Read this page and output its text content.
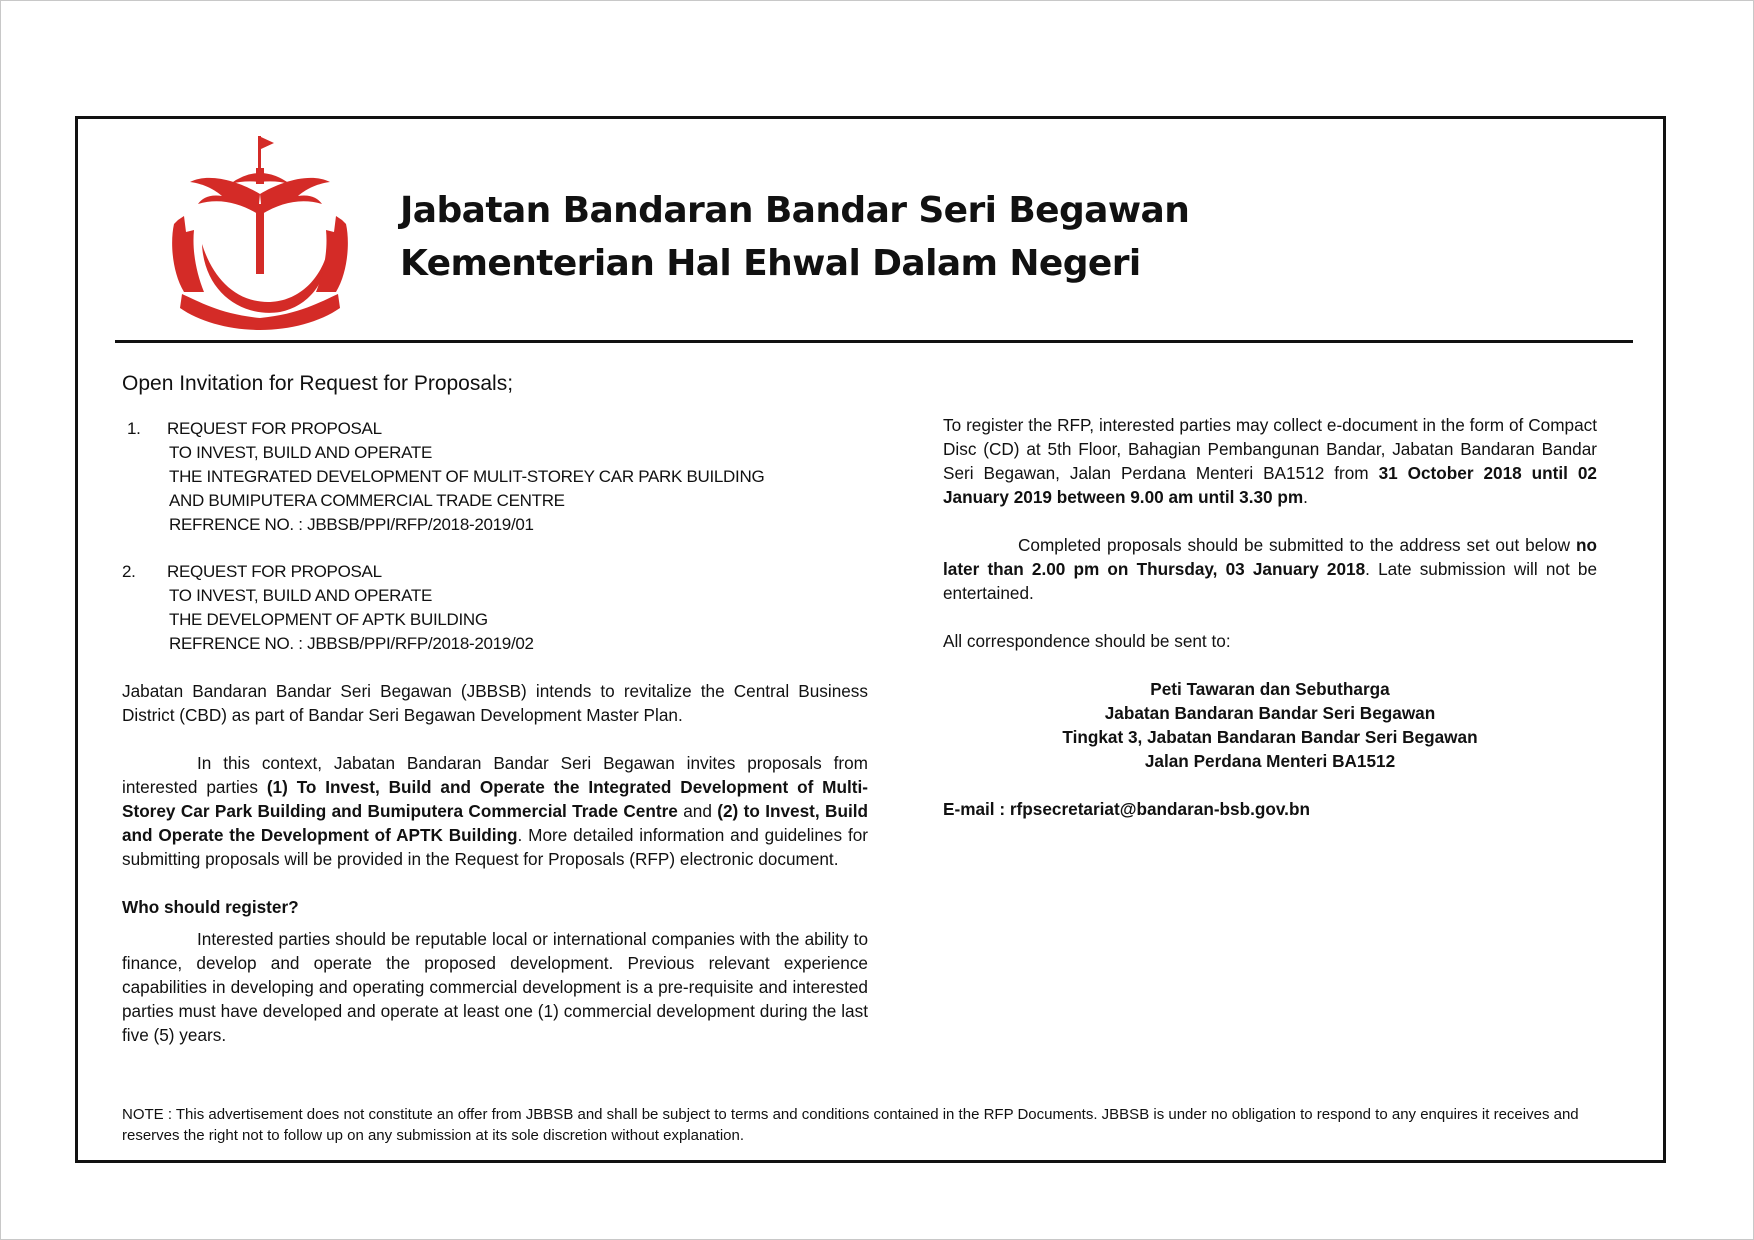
Jabatan Bandaran Bandar Seri Begawan
Kementerian Hal Ehwal Dalam Negeri
Open Invitation for Request for Proposals;
1.	REQUEST FOR PROPOSAL
TO INVEST, BUILD AND OPERATE
THE INTEGRATED DEVELOPMENT OF MULIT-STOREY CAR PARK BUILDING
AND BUMIPUTERA COMMERCIAL TRADE CENTRE
REFRENCE NO. : JBBSB/PPI/RFP/2018-2019/01
2.	REQUEST FOR PROPOSAL
TO INVEST, BUILD AND OPERATE
THE DEVELOPMENT OF APTK BUILDING
REFRENCE NO. : JBBSB/PPI/RFP/2018-2019/02

Jabatan Bandaran Bandar Seri Begawan (JBBSB) intends to revitalize the Central Business District (CBD) as part of Bandar Seri Begawan Development Master Plan.

In this context, Jabatan Bandaran Bandar Seri Begawan invites proposals from interested parties (1) To Invest, Build and Operate the Integrated Development of Multi-Storey Car Park Building and Bumiputera Commercial Trade Centre and (2) to Invest, Build and Operate the Development of APTK Building. More detailed information and guidelines for submitting proposals will be provided in the Request for Proposals (RFP) electronic document.

Who should register?

Interested parties should be reputable local or international companies with the ability to finance, develop and operate the proposed development. Previous relevant experience capabilities in developing and operating commercial development is a pre-requisite and interested parties must have developed and operate at least one (1) commercial development during the last five (5) years.

To register the RFP, interested parties may collect e-document in the form of Compact Disc (CD) at 5th Floor, Bahagian Pembangunan Bandar, Jabatan Bandaran Bandar Seri Begawan, Jalan Perdana Menteri BA1512 from 31 October 2018 until 02 January 2019 between 9.00 am until 3.30 pm.

Completed proposals should be submitted to the address set out below no later than 2.00 pm on Thursday, 03 January 2018. Late submission will not be entertained.

All correspondence should be sent to:

Peti Tawaran dan Sebutharga
Jabatan Bandaran Bandar Seri Begawan
Tingkat 3, Jabatan Bandaran Bandar Seri Begawan
Jalan Perdana Menteri BA1512

E-mail : rfpsecretariat@bandaran-bsb.gov.bn

NOTE : This advertisement does not constitute an offer from JBBSB and shall be subject to terms and conditions contained in the RFP Documents. JBBSB is under no obligation to respond to any enquires it receives and reserves the right not to follow up on any submission at its sole discretion without explanation.
